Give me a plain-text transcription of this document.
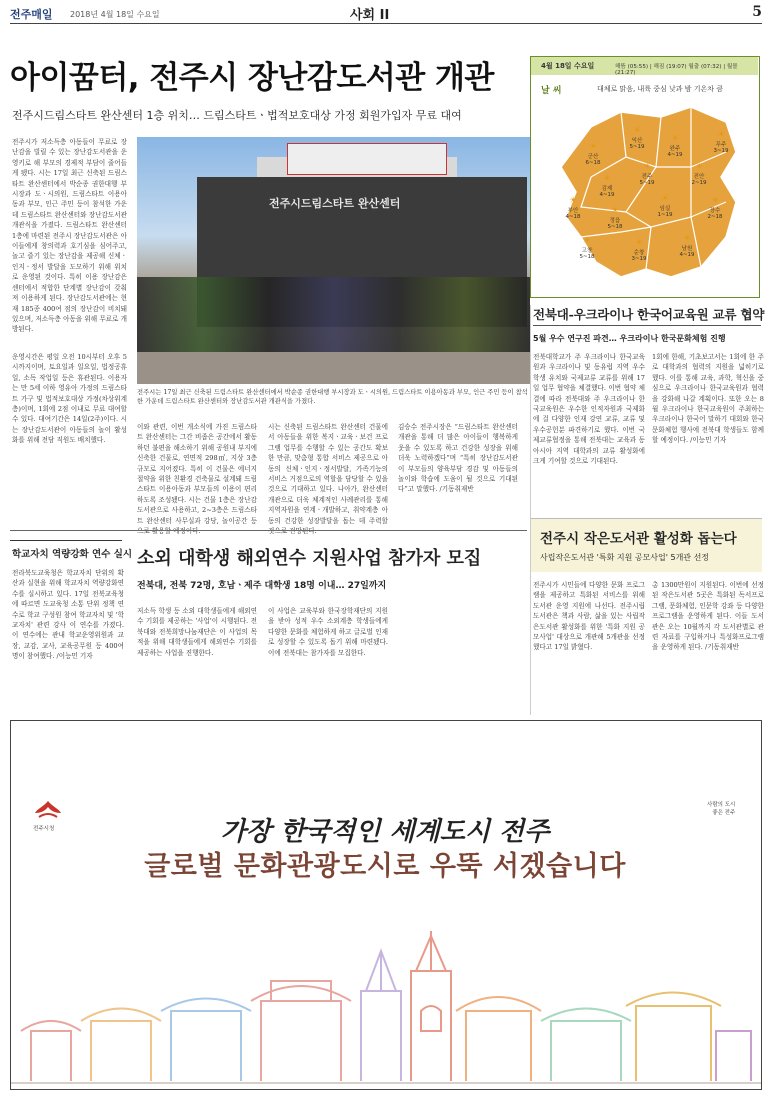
전주매일 2018년 4월 18일 수요일	사회 II	5
아이꿈터, 전주시 장난감도서관 개관
전주시드림스타트 완산센터 1층 위치… 드림스타트ㆍ법적보호대상 가정 회원가입자 무료 대여
전주시드림스타트 완산센터
전주시는 17일 최근 신축된 드림스타트 완산센터에서 박순종 권한대행 부시장과 도ㆍ시의원, 드림스타트 이용아동과 부모, 인근 주민 등이 참석한 가운데 드림스타트 완산센터와 장난감도서관 개관식을 가졌다.
전주시가 저소득층 아동들이 무료로 장난감을 빌릴 수 있는 장난감도서관을 운영키로 해 부모의 경제적 부담이 줄어들게 됐다. 시는 17일 최근 신축된 드림스타트 완산센터에서 박순종 권한대행 부시장과 도ㆍ시의원, 드림스타트 이용아동과 부모, 인근 주민 등이 참석한 가운데 드림스타트 완산센터와 장난감도서관 개관식을 가졌다. 드림스타트 완산센터 1층에 마련된 전주시 장난감도서관은 아이들에게 창의력과 호기심을 심어주고, 놀고 즐기 있는 장난감을 제공해 신체ㆍ인지ㆍ정서 발달을 도모하기 위해 위치로 운영된 것이다. 특히 이용 장난감은 센터에서 적합한 단계별 장난감이 갖춰져 이용하게 된다. 장난감도서관에는 현재 185종 400여 점의 장난감이 비치돼 있으며, 저소득층 아동을 위해 무료로 개방된다.
운영시간은 평일 오전 10시부터 오후 5시까지이며, 토요일과 일요일, 법정공휴일, 소독 작업일 등은 휴관된다. 이용자는 만 5세 이하 영유아 가정의 드림스타트 가구 및 법적보호대상 가정(차상위계층)이며, 1회에 2점 이내로 무료 대여할 수 있다. 대여기간은 14일(2주)이다. 시는 장난감도서관이 아동들의 놀이 활성화를 위해 전담 직원도 배치했다.
이와 관련, 이번 개소식에 가진 드림스타트 완산센터는 그간 비좁은 공간에서 활동하던 불편을 해소하기 위해 공원내 부지에 신축한 건물로, 연면적 298㎡, 지상 3층 규모로 지어졌다. 특히 이 건물은 에너지 절약을 위한 친환경 건축물로 설계돼 드림스타트 이용아동과 부모들의 이용이 편리하도록 조성됐다. 시는 건물 1층은 장난감도서관으로 사용하고, 2~3층은 드림스타트 완산센터 사무실과 강당, 놀이공간 등으로 활용할 예정이다.
시는 신축된 드림스타트 완산센터 건물에서 아동들을 위한 복지ㆍ교육ㆍ보건 프로그램 업무를 수행할 수 있는 공간도 확보한 만큼, 맞춤형 통합 서비스 제공으로 아동의 신체ㆍ인지ㆍ정서발달, 가족기능의 서비스 거점으로의 역할을 담당할 수 있을 것으로 기대하고 있다. 나아가, 완산센터 개관으로 더욱 체계적인 사례관리를 통해 지역자원을 연계ㆍ개발하고, 취약계층 아동의 건강한 성장발달을 돕는 데 주력할 것으로 전망된다.
김승수 전주시장은 “드림스타트 완산센터 개관을 통해 더 많은 아이들이 행복하게 웃을 수 있도록 하고 건강한 성장을 위해 더욱 노력하겠다”며 “특히 장난감도서관이 부모들의 양육부담 경감 및 아동들의 놀이와 학습에 도움이 될 것으로 기대된다”고 말했다. /기동취재반
4월 18일 수요일	해뜸 (05:55) | 해짐 (19:07) 월출 (07:32) | 월몰 (21:27)
날 씨	대체로 맑음, 내륙 중심 낮과 밤 기온차 큼
☀
군산
6~18
☀
익산
5~19
☀
완주
4~19
☀
전주
5~19
☀
진안
2~19
☀
무주
3~19
☀
김제
4~19
☀
부안
4~18
☀
정읍
5~18
☀
임실
1~19
☀
장수
2~18
☀
고창
5~18
☀
순창
3~19
☀
남원
4~19
전북대-우크라이나 한국어교육원 교류 협약
5월 우수 연구진 파견… 우크라이나 한국문화체험 진행
전북대학교가 주 우크라이나 한국교육원과 우크라이나 및 동유럽 지역 우수 학생 유치와 국제교류 교류를 위해 17일 업무 협약을 체결했다. 이번 협약 체결에 따라 전북대와 주 우크라이나 한국교육원은 우수한 인적자원과 국제화에 걸 다양한 인재 강연 교류, 교류 및 우수공헌분 파견하기로 했다. 이번 국제교류협정을 통해 전북대는 교육과 동아시아 지역 대학과의 교류 활성화에 크게 기여할 것으로 기대된다.
1회에 한해, 기초보고서는 1회에 한 주로 대학과의 협력의 지원을 넓히기로 했다. 이를 통해 교육, 과학, 혁신을 중심으로 우크라이나 한국교육원과 협력을 강화해 나갈 계획이다. 또한 오는 8월 우크라이나 한국교육원이 주최하는 우크라이나 한국어 말하기 대회와 한국문화체험 행사에 전북대 학생들도 함께 할 예정이다. /이능민 기자
전주시 작은도서관 활성화 돕는다
사립작은도서관 '특화 지원 공모사업' 5개관 선정
전주시가 시민들에 다양한 문화 프로그램을 제공하고 특화된 서비스를 위해 도서관 운영 지원에 나선다. 전주시립도서관은 책과 사람, 삶을 있는 사립작은도서관 활성화를 위한 '특화 지원 공모사업' 대상으로 개관해 5개관을 선정했다고 17일 밝혔다.
총 1300만원이 지원된다. 이번에 선정된 작은도서관 5곳은 특화된 독서프로그램, 문화체험, 인문학 강좌 등 다양한 프로그램을 운영하게 된다. 이들 도서관은 오는 10월까지 각 도서관별로 관련 자료를 구입하거나 특성화프로그램을 운영하게 된다. /기동취재반
학교자치 역량강화 연수 실시
전라북도교육청은 학교자치 단위의 확산과 실현을 위해 학교자치 역량강화연수를 실시하고 있다. 17일 전북교육청에 따르면 도교육청 소통 단위 정책 연수로 학교 구성원 참여 학교자치 및 '학교자치' 관련 강사 이 연수를 가졌다. 이 연수에는 관내 학교운영위원과 교장, 교감, 교사, 교육공무원 등 400여명이 참여했다. /이능민 기자
소외 대학생 해외연수 지원사업 참가자 모집
전북대, 전북 72명, 호남ㆍ제주 대학생 18명 이내… 27일까지
저소득 학생 등 소외 대학생들에게 해외연수 기회를 제공하는 '사업'이 시행된다. 전북대와 전북희망나눔재단은 이 사업의 목적을 위해 대학생들에게 해외연수 기회를 제공하는 사업을 진행한다.
이 사업은 교육부와 한국장학재단의 지원을 받아 성적 우수 소외계층 학생들에게 다양한 문화를 체험하게 하고 글로벌 인재로 성장할 수 있도록 돕기 위해 마련됐다. 이에 전북대는 참가자를 모집한다.
전주시청
사람의 도시
좋은 전주
가장 한국적인 세계도시 전주
글로벌 문화관광도시로 우뚝 서겠습니다
